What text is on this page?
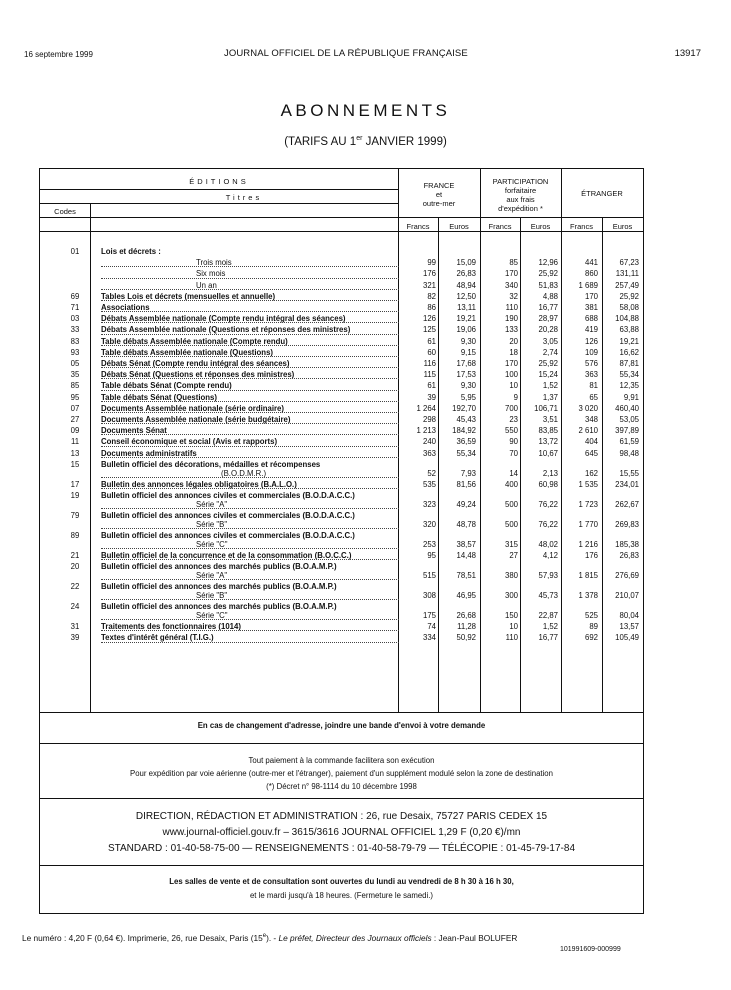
16 septembre 1999	JOURNAL OFFICIEL DE LA RÉPUBLIQUE FRANÇAISE	13917
ABONNEMENTS
(TARIFS AU 1er JANVIER 1999)
ÉDITIONS
Codes
Titres
FRANCE
et
outre-mer
PARTICIPATION
forfaitaire
aux frais
d'expédition *
ÉTRANGER
Francs	Euros	Francs	Euros	Francs	Euros
01	Lois et décrets :
Trois mois	99	15,09	85	12,96	441	67,23
Six mois	176	26,83	170	25,92	860	131,11
Un an	321	48,94	340	51,83	1 689	257,49
69	Tables Lois et décrets (mensuelles et annuelle)	82	12,50	32	4,88	170	25,92
71	Associations	86	13,11	110	16,77	381	58,08
03	Débats Assemblée nationale (Compte rendu intégral des séances)	126	19,21	190	28,97	688	104,88
33	Débats Assemblée nationale (Questions et réponses des ministres)	125	19,06	133	20,28	419	63,88
83	Table débats Assemblée nationale (Compte rendu)	61	9,30	20	3,05	126	19,21
93	Table débats Assemblée nationale (Questions)	60	9,15	18	2,74	109	16,62
05	Débats Sénat (Compte rendu intégral des séances)	116	17,68	170	25,92	576	87,81
35	Débats Sénat (Questions et réponses des ministres)	115	17,53	100	15,24	363	55,34
85	Table débats Sénat (Compte rendu)	61	9,30	10	1,52	81	12,35
95	Table débats Sénat (Questions)	39	5,95	9	1,37	65	9,91
07	Documents Assemblée nationale (série ordinaire)	1 264	192,70	700	106,71	3 020	460,40
27	Documents Assemblée nationale (série budgétaire)	298	45,43	23	3,51	348	53,05
09	Documents Sénat	1 213	184,92	550	83,85	2 610	397,89
11	Conseil économique et social (Avis et rapports)	240	36,59	90	13,72	404	61,59
13	Documents administratifs	363	55,34	70	10,67	645	98,48
15	Bulletin officiel des décorations, médailles et récompenses
(B.O.D.M.R.)	52	7,93	14	2,13	162	15,55
17	Bulletin des annonces légales obligatoires (B.A.L.O.)	535	81,56	400	60,98	1 535	234,01
19	Bulletin officiel des annonces civiles et commerciales (B.O.D.A.C.C.)
Série "A"	323	49,24	500	76,22	1 723	262,67
79	Bulletin officiel des annonces civiles et commerciales (B.O.D.A.C.C.)
Série "B"	320	48,78	500	76,22	1 770	269,83
89	Bulletin officiel des annonces civiles et commerciales (B.O.D.A.C.C.)
Série "C"	253	38,57	315	48,02	1 216	185,38
21	Bulletin officiel de la concurrence et de la consommation (B.O.C.C.)	95	14,48	27	4,12	176	26,83
20	Bulletin officiel des annonces des marchés publics (B.O.A.M.P.)
Série "A"	515	78,51	380	57,93	1 815	276,69
22	Bulletin officiel des annonces des marchés publics (B.O.A.M.P.)
Série "B"	308	46,95	300	45,73	1 378	210,07
24	Bulletin officiel des annonces des marchés publics (B.O.A.M.P.)
Série "C"	175	26,68	150	22,87	525	80,04
31	Traitements des fonctionnaires (1014)	74	11,28	10	1,52	89	13,57
39	Textes d'intérêt général (T.I.G.)	334	50,92	110	16,77	692	105,49
En cas de changement d'adresse, joindre une bande d'envoi à votre demande
Tout paiement à la commande facilitera son exécution
Pour expédition par voie aérienne (outre-mer et l'étranger), paiement d'un supplément modulé selon la zone de destination
(*) Décret n° 98-1114 du 10 décembre 1998
DIRECTION, RÉDACTION ET ADMINISTRATION : 26, rue Desaix, 75727 PARIS CEDEX 15
www.journal-officiel.gouv.fr – 3615/3616 JOURNAL OFFICIEL 1,29 F (0,20 €)/mn
STANDARD : 01-40-58-75-00 — RENSEIGNEMENTS : 01-40-58-79-79 — TÉLÉCOPIE : 01-45-79-17-84
Les salles de vente et de consultation sont ouvertes du lundi au vendredi de 8 h 30 à 16 h 30,
et le mardi jusqu'à 18 heures. (Fermeture le samedi.)
Le numéro : 4,20 F (0,64 €). Imprimerie, 26, rue Desaix, Paris (15e). - Le préfet, Directeur des Journaux officiels : Jean-Paul BOLUFER
101991609-000999
